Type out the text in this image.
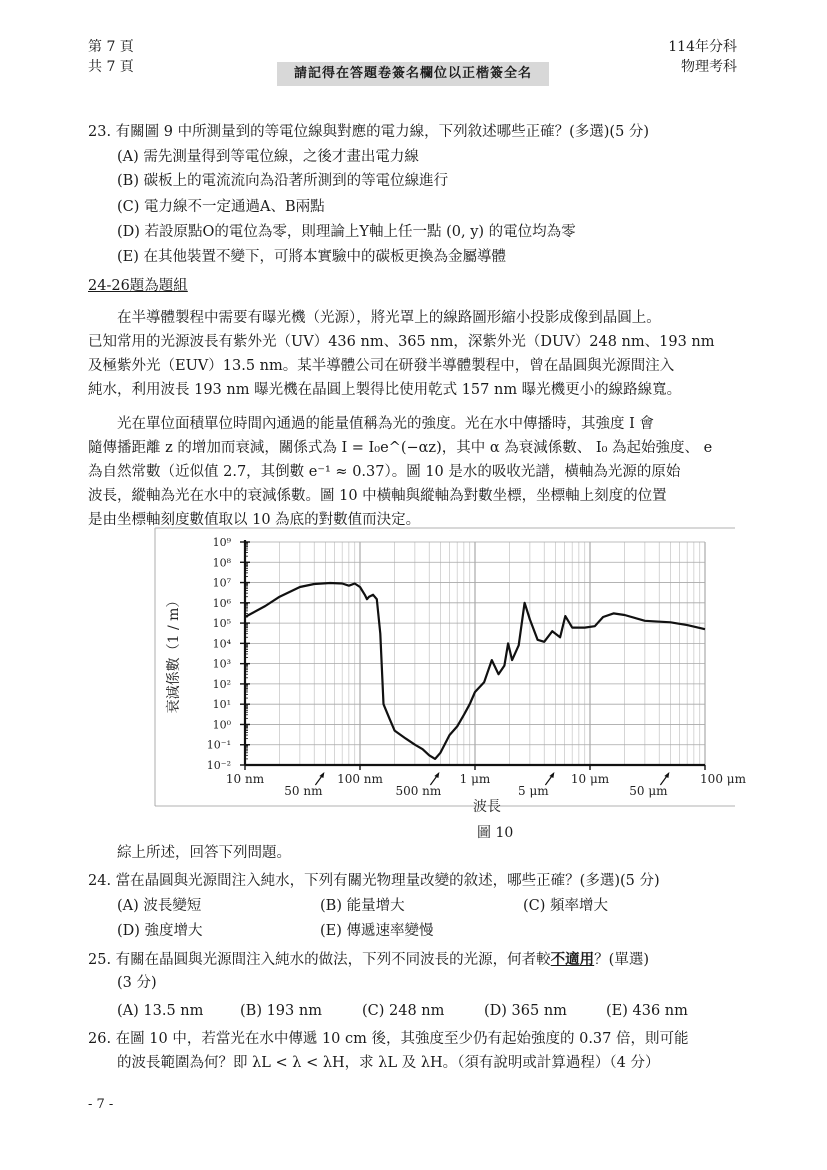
第 7 頁
共 7 頁	請記得在答題卷簽名欄位以正楷簽全名
114年分科
物理考科
23. 有關圖 9 中所測量到的等電位線與對應的電力線，下列敘述哪些正確？(多選)(5 分)
(A) 需先測量得到等電位線，之後才畫出電力線
(B) 碳板上的電流流向為沿著所測到的等電位線進行
(C) 電力線不一定通過A、B兩點
(D) 若設原點O的電位為零，則理論上Y軸上任一點 (0, y) 的電位均為零
(E) 在其他裝置不變下，可將本實驗中的碳板更換為金屬導體
24-26題為題組
在半導體製程中需要有曝光機（光源），將光罩上的線路圖形縮小投影成像到晶圓上。
已知常用的光源波長有紫外光（UV）436 nm、365 nm，深紫外光（DUV）248 nm、193 nm
及極紫外光（EUV）13.5 nm。某半導體公司在研發半導體製程中，曾在晶圓與光源間注入
純水，利用波長 193 nm 曝光機在晶圓上製得比使用乾式 157 nm 曝光機更小的線路線寬。
光在單位面積單位時間內通過的能量值稱為光的強度。光在水中傳播時，其強度 I 會
隨傳播距離 z 的增加而衰減，關係式為 I = I₀e^(−αz)，其中 α 為衰減係數、 I₀ 為起始強度、 e
為自然常數（近似值 2.7，其倒數 e⁻¹ ≈ 0.37）。圖 10 是水的吸收光譜，橫軸為光源的原始
波長，縱軸為光在水中的衰減係數。圖 10 中橫軸與縱軸為對數坐標，坐標軸上刻度的位置
是由坐標軸刻度數值取以 10 為底的對數值而決定。
10⁻²
10⁻¹
10⁰
10¹
10²
10³
10⁴
10⁵
10⁶
10⁷
10⁸
10⁹
10 nm	100 nm	1 μm	10 μm	100 μm
50 nm	500 nm	5 μm	50 μm
衰減係數（1 / m）
波長
圖 10
綜上所述，回答下列問題。
24. 當在晶圓與光源間注入純水，下列有關光物理量改變的敘述，哪些正確？(多選)(5 分)
(A) 波長變短	(B) 能量增大	(C) 頻率增大
(D) 強度增大	(E) 傳遞速率變慢
25. 有關在晶圓與光源間注入純水的做法，下列不同波長的光源，何者較不適用？(單選)
(3 分)
(A) 13.5 nm	(B) 193 nm	(C) 248 nm	(D) 365 nm	(E) 436 nm
26. 在圖 10 中，若當光在水中傳遞 10 cm 後，其強度至少仍有起始強度的 0.37 倍，則可能
的波長範圍為何？即 λL < λ < λH，求 λL 及 λH。（須有說明或計算過程）（4 分）
- 7 -
